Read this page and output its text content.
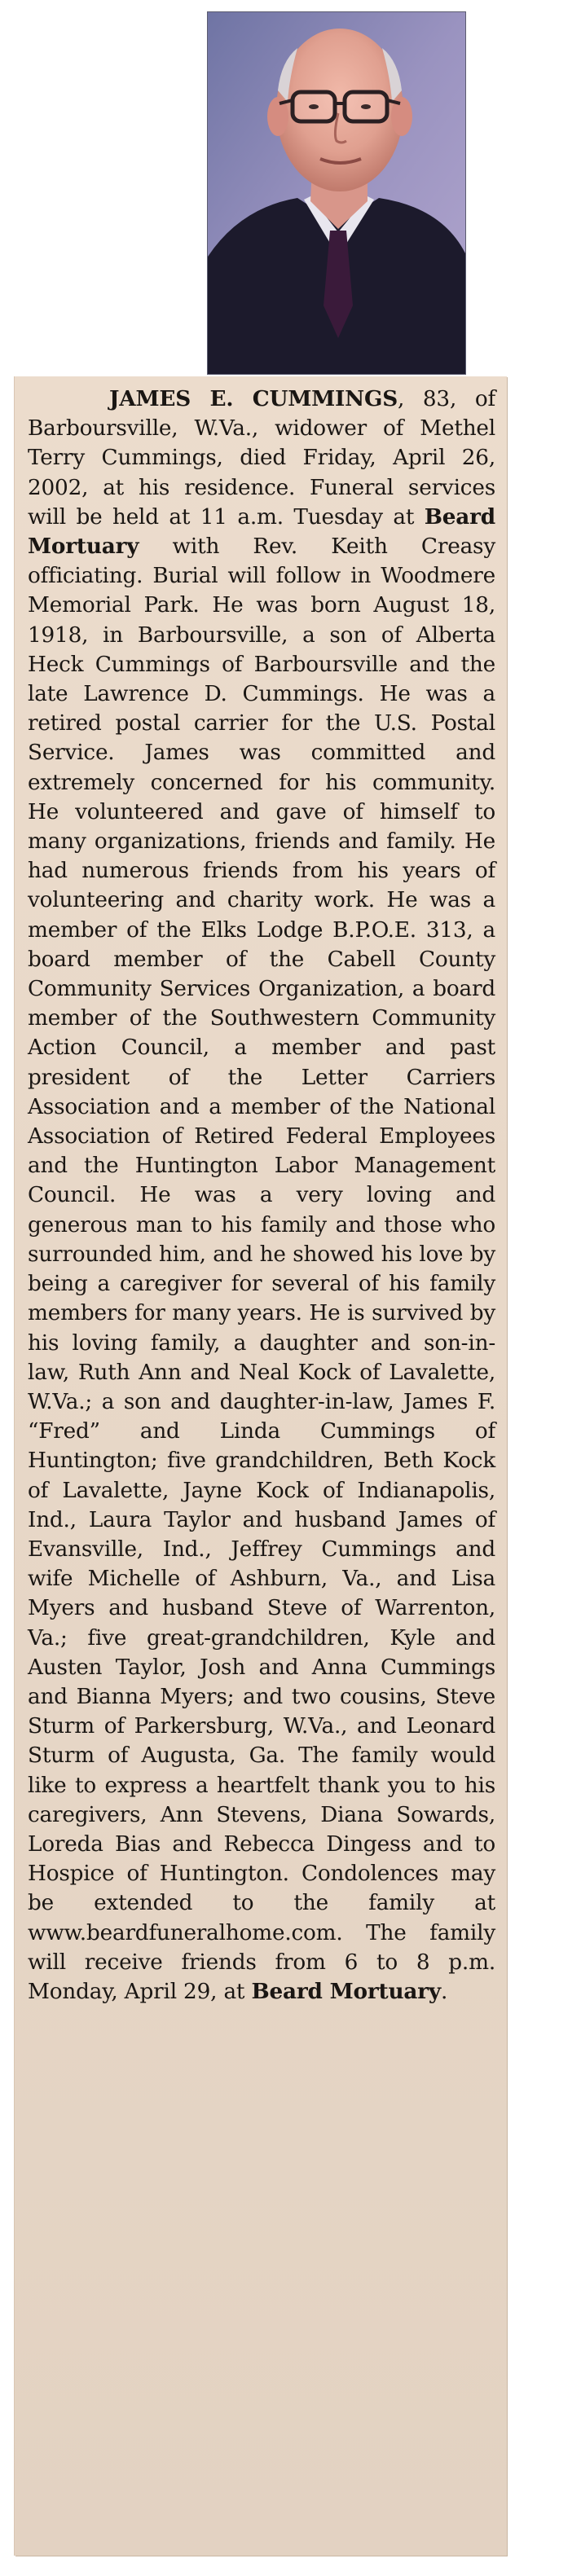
JAMES E. CUMMINGS, 83, of Barboursville, W.Va., widower of Methel Terry Cummings, died Friday, April 26, 2002, at his residence. Funeral services will be held at 11 a.m. Tuesday at Beard Mortuary with Rev. Keith Creasy officiating. Burial will follow in Woodmere Memorial Park. He was born August 18, 1918, in Barboursville, a son of Alberta Heck Cummings of Barboursville and the late Lawrence D. Cummings. He was a retired postal carrier for the U.S. Postal Service. James was committed and extremely concerned for his community. He volunteered and gave of himself to many organizations, friends and family. He had numerous friends from his years of volunteering and charity work. He was a member of the Elks Lodge B.P.O.E. 313, a board member of the Cabell County Community Services Organization, a board member of the Southwestern Community Action Council, a member and past president of the Letter Carriers Association and a member of the National Association of Retired Federal Employees and the Huntington Labor Management Council. He was a very loving and generous man to his family and those who surrounded him, and he showed his love by being a caregiver for several of his family members for many years. He is survived by his loving family, a daughter and son-in-law, Ruth Ann and Neal Kock of Lavalette, W.Va.; a son and daughter-in-law, James F. “Fred” and Linda Cummings of Huntington; five grandchildren, Beth Kock of Lavalette, Jayne Kock of Indianapolis, Ind., Laura Taylor and husband James of Evansville, Ind., Jeffrey Cummings and wife Michelle of Ashburn, Va., and Lisa Myers and husband Steve of Warrenton, Va.; five great-grandchildren, Kyle and Austen Taylor, Josh and Anna Cummings and Bianna Myers; and two cousins, Steve Sturm of Parkersburg, W.Va., and Leonard Sturm of Augusta, Ga. The family would like to express a heartfelt thank you to his caregivers, Ann Stevens, Diana Sowards, Loreda Bias and Rebecca Dingess and to Hospice of Huntington. Condolences may be extended to the family at www.beardfuneralhome.com. The family will receive friends from 6 to 8 p.m. Monday, April 29, at Beard Mortuary.
